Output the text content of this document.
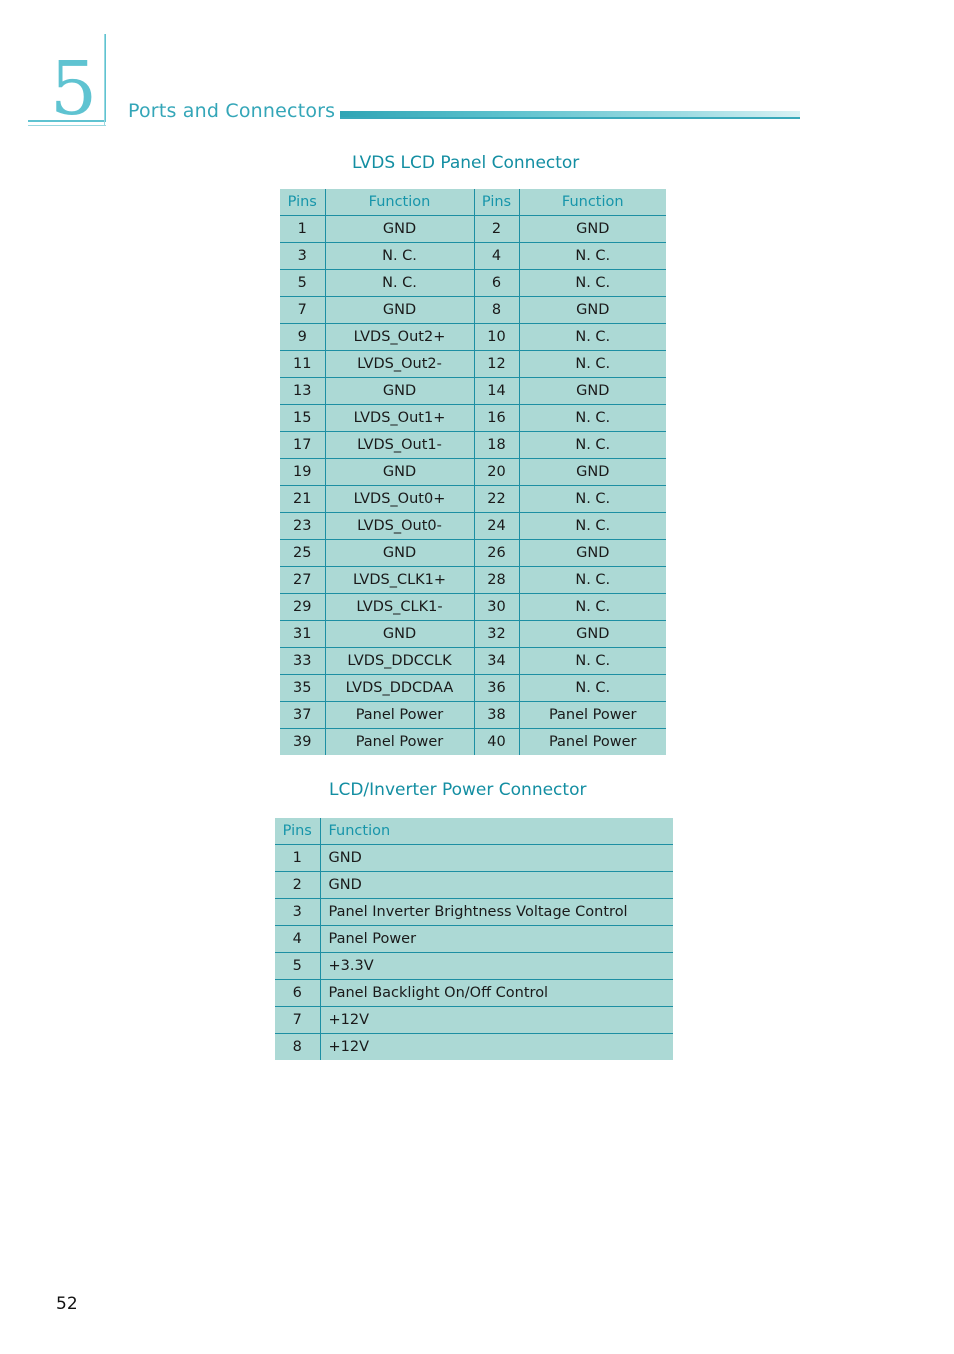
5 Ports and Connectors
LVDS LCD Panel Connector
Pins	Function	Pins	Function
1	GND	2	GND
3	N. C.	4	N. C.
5	N. C.	6	N. C.
7	GND	8	GND
9	LVDS_Out2+	10	N. C.
11	LVDS_Out2-	12	N. C.
13	GND	14	GND
15	LVDS_Out1+	16	N. C.
17	LVDS_Out1-	18	N. C.
19	GND	20	GND
21	LVDS_Out0+	22	N. C.
23	LVDS_Out0-	24	N. C.
25	GND	26	GND
27	LVDS_CLK1+	28	N. C.
29	LVDS_CLK1-	30	N. C.
31	GND	32	GND
33	LVDS_DDCCLK	34	N. C.
35	LVDS_DDCDAA	36	N. C.
37	Panel Power	38	Panel Power
39	Panel Power	40	Panel Power
LCD/Inverter Power Connector
Pins	Function
1	GND
2	GND
3	Panel Inverter Brightness Voltage Control
4	Panel Power
5	+3.3V
6	Panel Backlight On/Off Control
7	+12V
8	+12V
52
